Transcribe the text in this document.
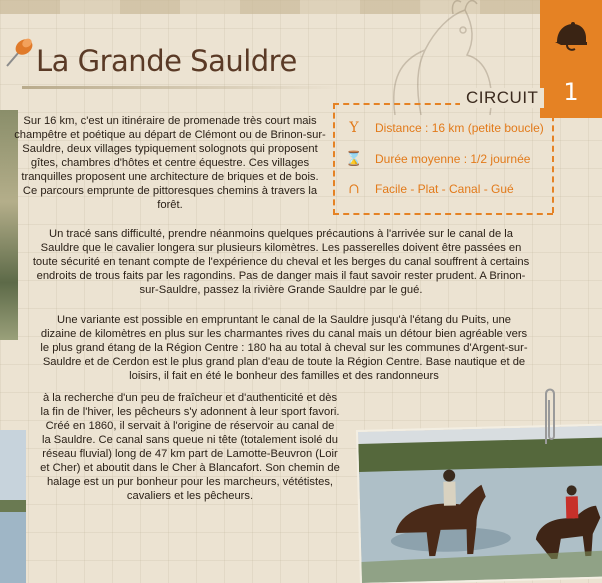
La Grande Sauldre
1
CIRCUIT
Y Distance : 16 km (petite boucle)
⌛ Durée moyenne : 1/2 journée
∩ Facile - Plat - Canal - Gué

Sur 16 km, c'est un itinéraire de promenade très court mais champêtre et poétique au départ de Clémont ou de Brinon-sur-Sauldre, deux villages typiquement solognots qui proposent gîtes, chambres d'hôtes et centre équestre. Ces villages tranquilles proposent une architecture de briques et de bois. Ce parcours emprunte de pittoresques chemins à travers la forêt.

Un tracé sans difficulté, prendre néanmoins quelques précautions à l'arrivée sur le canal de la Sauldre que le cavalier longera sur plusieurs kilomètres. Les passerelles doivent être passées en toute sécurité en tenant compte de l'expérience du cheval et les berges du canal souffrent à certains endroits de trous faits par les ragondins. Pas de danger mais il faut savoir rester prudent. A Brinon-sur-Sauldre, passez la rivière Grande Sauldre par le gué.

Une variante est possible en empruntant le canal de la Sauldre jusqu'à l'étang du Puits, une dizaine de kilomètres en plus sur les charmantes rives du canal mais un détour bien agréable vers le plus grand étang de la Région Centre : 180 ha au total à cheval sur les communes d'Argent-sur-Sauldre et de Cerdon est le plus grand plan d'eau de toute la Région Centre. Base nautique et de loisirs, il fait en été le bonheur des familles et des randonneurs

à la recherche d'un peu de fraîcheur et d'authenticité et dès la fin de l'hiver, les pêcheurs s'y adonnent à leur sport favori. Créé en 1860, il servait à l'origine de réservoir au canal de la Sauldre. Ce canal sans queue ni tête (totalement isolé du réseau fluvial) long de 47 km part de Lamotte-Beuvron (Loir et Cher) et aboutit dans le Cher à Blancafort. Son chemin de halage est un pur bonheur pour les marcheurs, vététistes, cavaliers et les pêcheurs.
